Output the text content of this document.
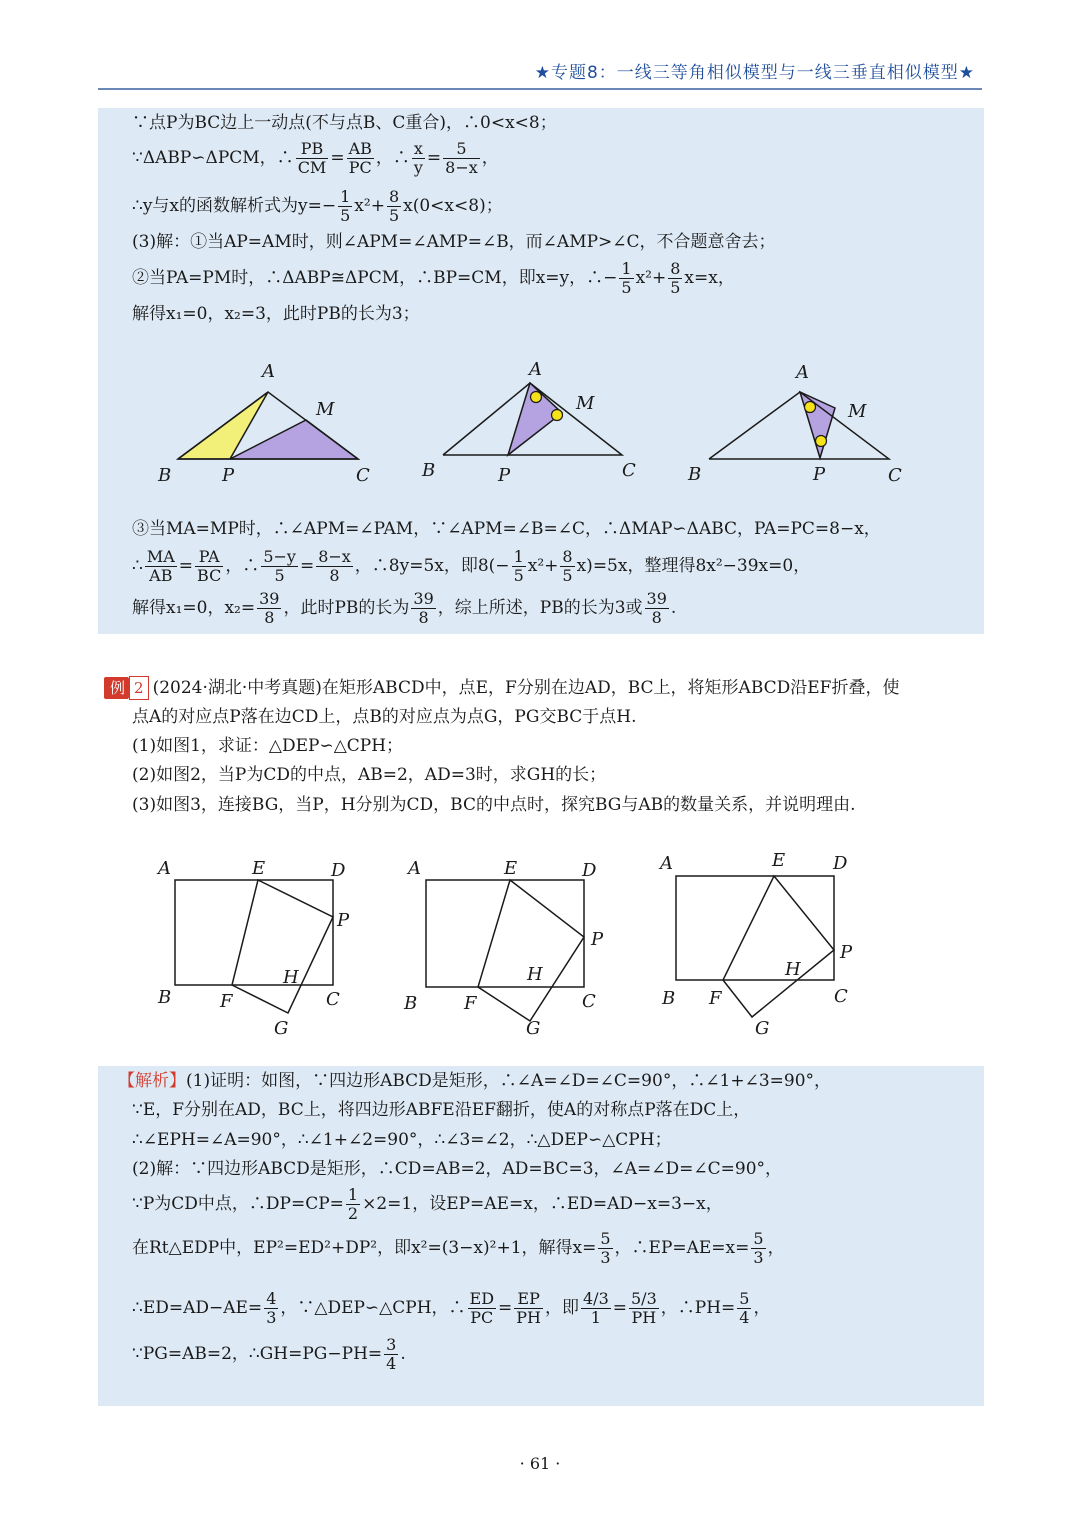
★专题8：一线三等角相似模型与一线三垂直相似模型★
∵点P为BC边上一动点(不与点B、C重合)，∴0<x<8；
∵ΔABP∽ΔPCM，∴ $\frac{PB}{CM} = \frac{AB}{PC}$ ，∴ $\frac{x}{y} = \frac{5}{8-x}$ ，
∴y与x的函数解析式为$y=- \frac{1}{5} x^2+ \frac{8}{5} x(0<x<8)$；
(3)解：①当AP=AM时，则∠APM=∠AMP=∠B，而∠AMP>∠C，不合题意舍去；
②当PA=PM时，∴ΔABP≅ΔPCM，∴BP=CM，即x=y，∴− $\frac{1}{5} x^2+ \frac{8}{5} x=x$，
解得x₁=0，x₂=3，此时PB的长为3；
A
M
B	P	C
A
M
B	P	C
A
M
B	P	C
③当MA=MP时，∴∠APM=∠PAM，∵∠APM=∠B=∠C，∴ΔMAP∽ΔABC，PA=PC=8−x，
∴ $\frac{MA}{AB} = \frac{PA}{BC}$ ，∴ $\frac{5-y}{5} = \frac{8-x}{8}$ ，∴8y=5x，即$8(- \frac{1}{5} x^2+ \frac{8}{5} x)=5x$，整理得8x²−39x=0，
解得x₁=0，$x_2= \frac{39}{8}$ ，此时PB的长为 $\frac{39}{8}$ ，综上所述，PB的长为3或 $\frac{39}{8}$ .
例 2 (2024·湖北·中考真题)在矩形ABCD中，点E，F分别在边AD，BC上，将矩形ABCD沿EF折叠，使
点A的对应点P落在边CD上，点B的对应点为点G，PG交BC于点H.
(1)如图1，求证：△DEP∽△CPH；
(2)如图2，当P为CD的中点，AB=2，AD=3时，求GH的长；
(3)如图3，连接BG，当P，H分别为CD，BC的中点时，探究BG与AB的数量关系，并说明理由.
A	E	D
P
H
B	F	C
G
A	E	D
P
H
B	F	C
G
A	E	D
P
H
B F	C
G
【解析】(1)证明：如图，∵四边形ABCD是矩形，∴∠A=∠D=∠C=90°，∴∠1+∠3=90°，
∵E，F分别在AD，BC上，将四边形ABFE沿EF翻折，使A的对称点P落在DC上，
∴∠EPH=∠A=90°，∴∠1+∠2=90°，∴∠3=∠2，∴△DEP∽△CPH；
(2)解：∵四边形ABCD是矩形，∴CD=AB=2，AD=BC=3，∠A=∠D=∠C=90°，
∵P为CD中点，∴DP=CP= $\frac{1}{2} \times 2=1$，设EP=AE=x，∴ED=AD−x=3−x，
在Rt△EDP中，EP²=ED²+DP²，即x²=(3−x)²+1，解得$x= \frac{5}{3}$ ，∴EP=AE=x= $\frac{5}{3}$ ，
∴ED=AD−AE= $\frac{4}{3}$ ，∵△DEP∽△CPH，∴ $\frac{ED}{PC} = \frac{EP}{PH}$ ，即 $\frac{4/3}{1} = \frac{5/3}{PH}$ ，∴PH= $\frac{5}{4}$ ，
∵PG=AB=2，∴GH=PG−PH= $\frac{3}{4}$ .
· 61 ·
